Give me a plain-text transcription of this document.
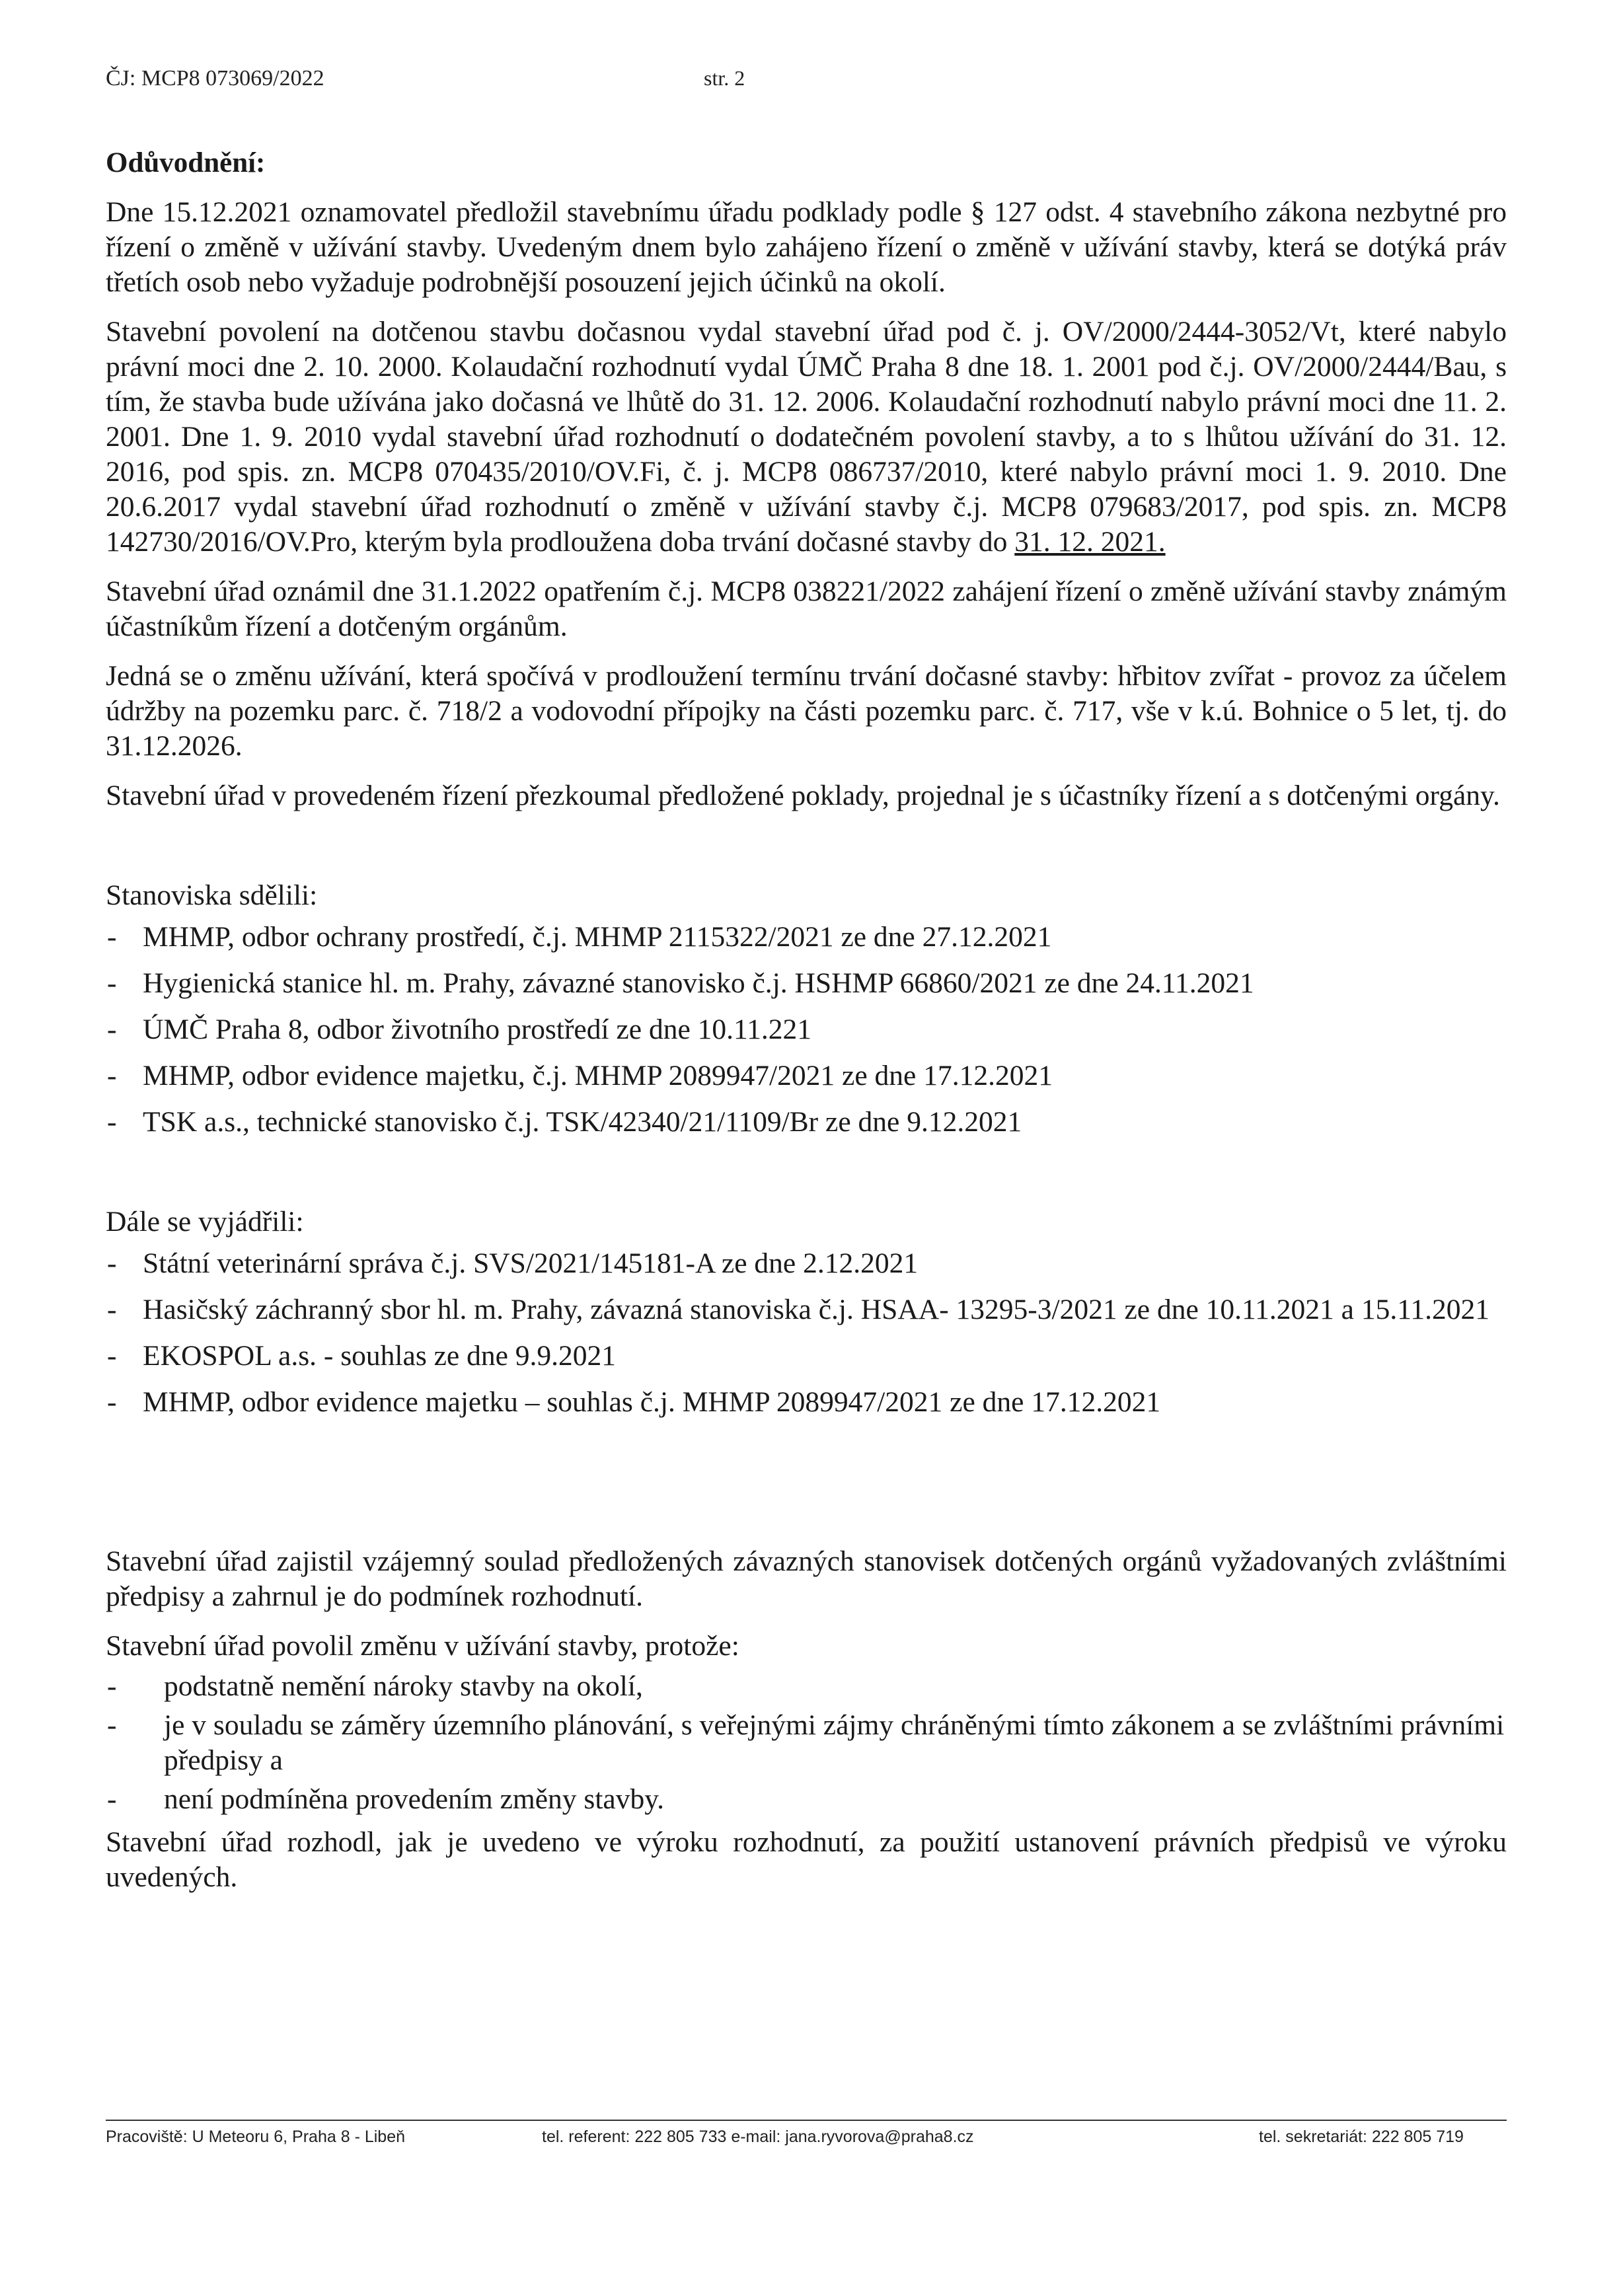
ČJ: MCP8 073069/2022	str. 2
Odůvodnění:

Dne 15.12.2021 oznamovatel předložil stavebnímu úřadu podklady podle § 127 odst. 4 stavebního zákona nezbytné pro řízení o změně v užívání stavby. Uvedeným dnem bylo zahájeno řízení o změně v užívání stavby, která se dotýká práv třetích osob nebo vyžaduje podrobnější posouzení jejich účinků na okolí.

Stavební povolení na dotčenou stavbu dočasnou vydal stavební úřad pod č. j. OV/2000/2444-3052/Vt, které nabylo právní moci dne 2. 10. 2000. Kolaudační rozhodnutí vydal ÚMČ Praha 8 dne 18. 1. 2001 pod č.j. OV/2000/2444/Bau, s tím, že stavba bude užívána jako dočasná ve lhůtě do 31. 12. 2006. Kolaudační rozhodnutí nabylo právní moci dne 11. 2. 2001. Dne 1. 9. 2010 vydal stavební úřad rozhodnutí o dodatečném povolení stavby, a to s lhůtou užívání do 31. 12. 2016, pod spis. zn. MCP8 070435/2010/OV.Fi, č. j. MCP8 086737/2010, které nabylo právní moci 1. 9. 2010. Dne 20.6.2017 vydal stavební úřad rozhodnutí o změně v užívání stavby č.j. MCP8 079683/2017, pod spis. zn. MCP8 142730/2016/OV.Pro, kterým byla prodloužena doba trvání dočasné stavby do 31. 12. 2021.

Stavební úřad oznámil dne 31.1.2022 opatřením č.j. MCP8 038221/2022 zahájení řízení o změně užívání stavby známým účastníkům řízení a dotčeným orgánům.

Jedná se o změnu užívání, která spočívá v prodloužení termínu trvání dočasné stavby: hřbitov zvířat - provoz za účelem údržby na pozemku parc. č. 718/2 a vodovodní přípojky na části pozemku parc. č. 717, vše v k.ú. Bohnice o 5 let, tj. do 31.12.2026.

Stavební úřad v provedeném řízení přezkoumal předložené poklady, projednal je s účastníky řízení a s dotčenými orgány.

Stanoviska sdělili:
- MHMP, odbor ochrany prostředí, č.j. MHMP 2115322/2021 ze dne 27.12.2021
- Hygienická stanice hl. m. Prahy, závazné stanovisko č.j. HSHMP 66860/2021 ze dne 24.11.2021
- ÚMČ Praha 8, odbor životního prostředí ze dne 10.11.221
- MHMP, odbor evidence majetku, č.j. MHMP 2089947/2021 ze dne 17.12.2021
- TSK a.s., technické stanovisko č.j. TSK/42340/21/1109/Br ze dne 9.12.2021
Dále se vyjádřili:
- Státní veterinární správa č.j. SVS/2021/145181-A ze dne 2.12.2021
- Hasičský záchranný sbor hl. m. Prahy, závazná stanoviska č.j. HSAA- 13295-3/2021 ze dne 10.11.2021 a 15.11.2021
- EKOSPOL a.s. - souhlas ze dne 9.9.2021
- MHMP, odbor evidence majetku – souhlas č.j. MHMP 2089947/2021 ze dne 17.12.2021

Stavební úřad zajistil vzájemný soulad předložených závazných stanovisek dotčených orgánů vyžadovaných zvláštními předpisy a zahrnul je do podmínek rozhodnutí.

Stavební úřad povolil změnu v užívání stavby, protože:

- podstatně nemění nároky stavby na okolí,
- je v souladu se záměry územního plánování, s veřejnými zájmy chráněnými tímto zákonem a se zvláštními právními předpisy a
- není podmíněna provedením změny stavby.

Stavební úřad rozhodl, jak je uvedeno ve výroku rozhodnutí, za použití ustanovení právních předpisů ve výroku uvedených.

Pracoviště: U Meteoru 6, Praha 8 - Libeň	tel. referent: 222 805 733 e-mail: jana.ryvorova@praha8.cz	tel. sekretariát: 222 805 719
